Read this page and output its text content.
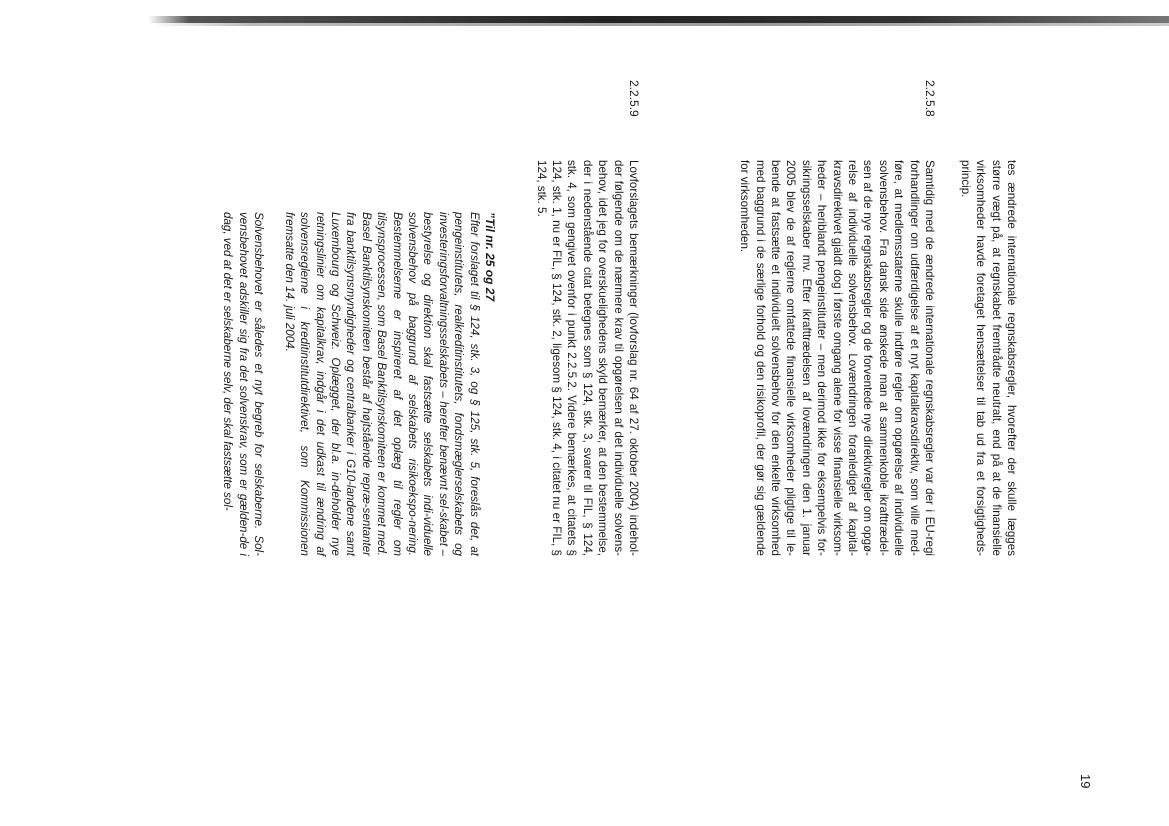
19

tes ændrede internationale regnskabsregler, hvorefter der skulle lægges større vægt på, at regnskabet fremtrådte neutralt, end på at de finansielle virksomheder havde foretaget hensættelser til tab ud fra et forsigtigheds-princip.

2.2.5.8

Samtidig med de ændrede internationale regnskabsregler var der i EU-regi forhandlinger om udfærdigelse af et nyt kapitalkravsdirektiv, som ville med-føre, at medlemsstaterne skulle indføre regler om opgørelse af individuelle solvensbehov. Fra dansk side ønskede man at sammenkoble ikrafttrædel-sen af de nye regnskabsregler og de forventede nye direktivregler om opgø-relse af individuelle solvensbehov. Lovændringen foranlediget af kapital-kravsdirektivet gjaldt dog i første omgang alene for visse finansielle virksom-heder – heriblandt pengeinstitutter – men derimod ikke for eksempelvis for-sikringsselskaber mv. Efter ikrafttrædelsen af lovændringen den 1. januar 2005 blev de af reglerne omfattede finansielle virksomheder pligtige til le-bende at fastsætte et individuelt solvensbehov for den enkelte virksomhed med baggrund i de særlige forhold og den risikoprofil, der gør sig gældende for virksomheden.

2.2.5.9

Lovforslagets bemærkninger (lovforslag nr. 64 af 27. oktober 2004) indehol-der følgende om de nærmere krav til opgørelsen af det individuelle solvens-behov, idet jeg for overskuelighedens skyld bemærker, at den bestemmelse, der i nedenstående citat betegnes som § 124, stk. 3, svarer til FIL, § 124, stk. 4, som gengivet ovenfor i punkt 2.2.5.2. Videre bemærkes, at citatets § 124, stk. 1, nu er FIL, § 124, stk. 2, ligesom § 124, stk. 4, i citatet nu er FIL, § 124, stk. 5.

”Til nr. 25 og 27

Efter forslaget til § 124, stk. 3, og § 125, stk. 5, foreslås det, at pengeinstitutets, realkreditinstitutets, fondsmæglerselskabets og investeringsforvaltningsselskabets – herefter benævnt sel-skabet – bestyrelse og direktion skal fastsætte selskabets indi-viduelle solvensbehov på baggrund af selskabets risikoekspo-nering. Bestemmelserne er inspireret af det oplæg til regler om tilsynsprocessen, som Basel Banktilsynskomiteen er kommet med. Basel Banktilsynskomiteen består af højtstående repræ-sentanter fra banktilsynsmyndigheder og centralbanker i G10-landene samt Luxembourg og Schweiz. Oplægget, der bl.a. in-deholder nye retningslinier om kapitalkrav, indgår i det udkast til ændring af solvensreglerne i kreditinstitutdirektivet, som Kommissionen fremsatte den 14. juli 2004.

Solvensbehovet er således et nyt begreb for selskaberne. Sol-vensbehovet adskiller sig fra det solvenskrav, som er gælden-de i dag, ved at det er selskaberne selv, der skal fastsætte sol-
